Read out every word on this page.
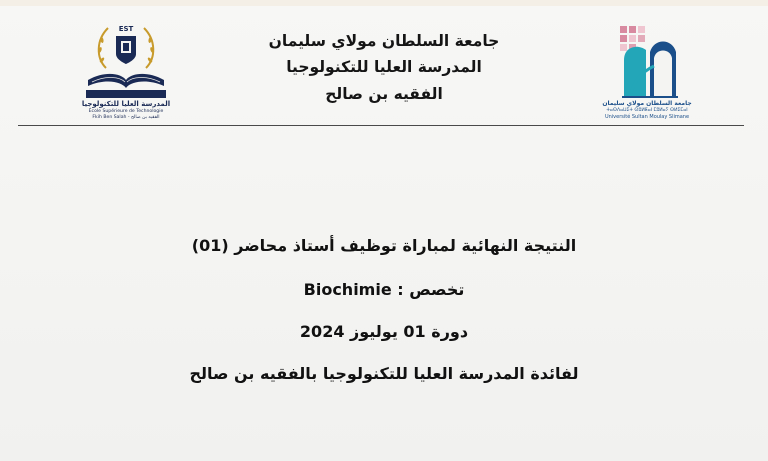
EST
المدرسة العليا للتكنولوجيا
École Supérieure de Technologie
Fkih Ben Salah - الفقيه بن صالح
جامعة السلطان مولاي سليمان
المدرسة العليا للتكنولوجيا
الفقيه بن صالح
جامعة السلطان مولاي سليمان
ⵜⴰⵙⴷⴰⵡⵉⵜ ⵙⵓⵍⵟⴰⵏ ⵎⵓⵍⴰⵢ ⵙⵍⵉⵎⴰⵏ
Université Sultan Moulay Slimane
النتيجة النهائية لمباراة توظيف أستاذ محاضر (01)
تخصص : Biochimie
دورة 01 يوليوز 2024
لفائدة المدرسة العليا للتكنولوجيا بالفقيه بن صالح
